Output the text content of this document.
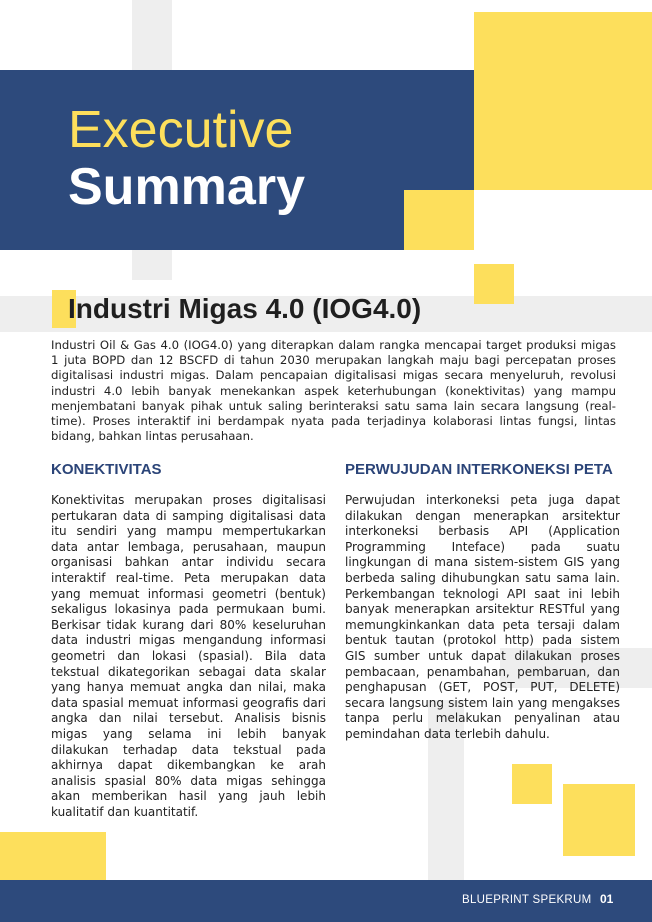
Executive
Summary
Industri Migas 4.0 (IOG4.0)

Industri Oil & Gas 4.0 (IOG4.0) yang diterapkan dalam rangka mencapai target produksi migas 1 juta BOPD dan 12 BSCFD di tahun 2030 merupakan langkah maju bagi percepatan proses digitalisasi industri migas. Dalam pencapaian digitalisasi migas secara menyeluruh, revolusi industri 4.0 lebih banyak menekankan aspek keterhubungan (konektivitas) yang mampu menjembatani banyak pihak untuk saling berinteraksi satu sama lain secara langsung (real-time). Proses interaktif ini berdampak nyata pada terjadinya kolaborasi lintas fungsi, lintas bidang, bahkan lintas perusahaan.

KONEKTIVITAS

Konektivitas merupakan proses digitalisasi pertukaran data di samping digitalisasi data itu sendiri yang mampu mempertukarkan data antar lembaga, perusahaan, maupun organisasi bahkan antar individu secara interaktif real-time. Peta merupakan data yang memuat informasi geometri (bentuk) sekaligus lokasinya pada permukaan bumi. Berkisar tidak kurang dari 80% keseluruhan data industri migas mengandung informasi geometri dan lokasi (spasial). Bila data tekstual dikategorikan sebagai data skalar yang hanya memuat angka dan nilai, maka data spasial memuat informasi geografis dari angka dan nilai tersebut. Analisis bisnis migas yang selama ini lebih banyak dilakukan terhadap data tekstual pada akhirnya dapat dikembangkan ke arah analisis spasial 80% data migas sehingga akan memberikan hasil yang jauh lebih kualitatif dan kuantitatif.

PERWUJUDAN INTERKONEKSI PETA

Perwujudan interkoneksi peta juga dapat dilakukan dengan menerapkan arsitektur interkoneksi berbasis API (Application Programming Inteface) pada suatu lingkungan di mana sistem-sistem GIS yang berbeda saling dihubungkan satu sama lain. Perkembangan teknologi API saat ini lebih banyak menerapkan arsitektur RESTful yang memungkinkankan data peta tersaji dalam bentuk tautan (protokol http) pada sistem GIS sumber untuk dapat dilakukan proses pembacaan, penambahan, pembaruan, dan penghapusan (GET, POST, PUT, DELETE) secara langsung sistem lain yang mengakses tanpa perlu melakukan penyalinan atau pemindahan data terlebih dahulu.

BLUEPRINT SPEKRUM 01
